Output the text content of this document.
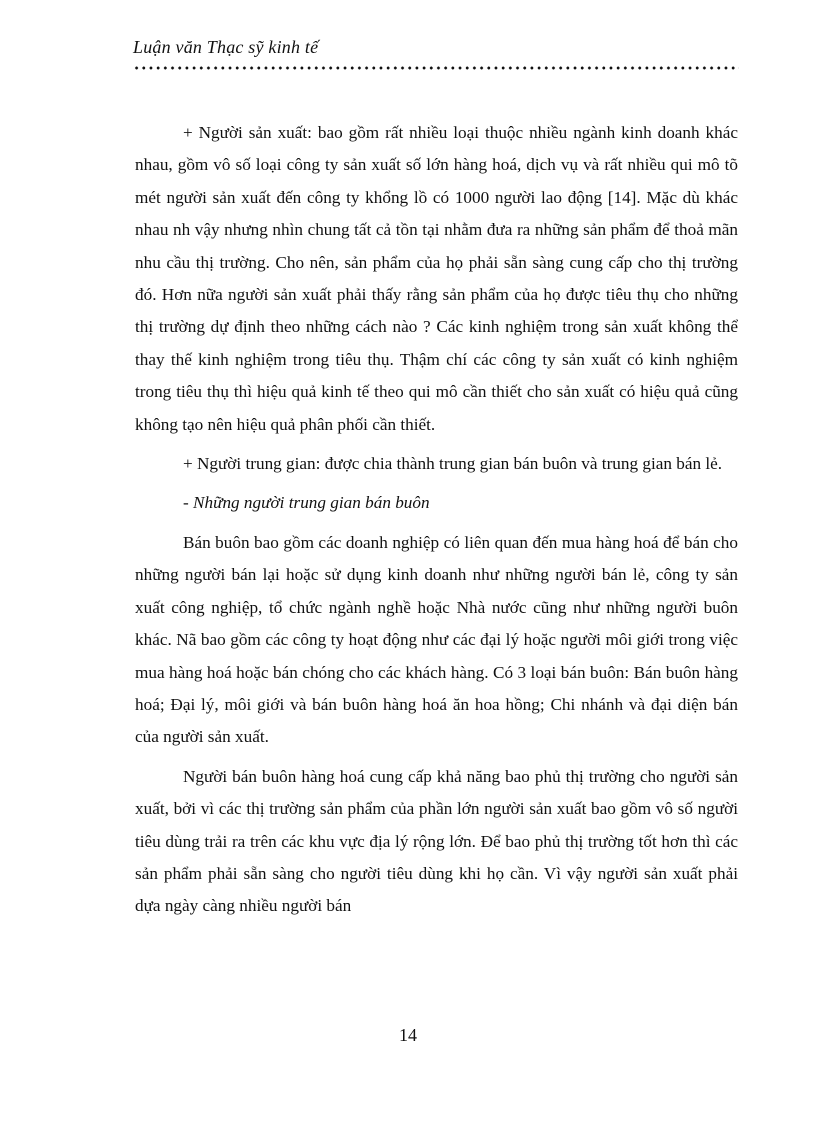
Luận văn Thạc sỹ kinh tế

+ Người sản xuất: bao gồm rất nhiều loại thuộc nhiều ngành kinh doanh khác nhau, gồm vô số loại công ty sản xuất số lớn hàng hoá, dịch vụ và rất nhiều qui mô tõ mét người sản xuất đến công ty khổng lồ có 1000 người lao động [14]. Mặc dù khác nhau nh vậy nhưng nhìn chung tất cả tồn tại nhằm đưa ra những sản phẩm để thoả mãn nhu cầu thị trường. Cho nên, sản phẩm của họ phải sẵn sàng cung cấp cho thị trường đó. Hơn nữa người sản xuất phải thấy rằng sản phẩm của họ được tiêu thụ cho những thị trường dự định theo những cách nào ? Các kinh nghiệm trong sản xuất không thể thay thế kinh nghiệm trong tiêu thụ. Thậm chí các công ty sản xuất có kinh nghiệm trong tiêu thụ thì hiệu quả kinh tế theo qui mô cần thiết cho sản xuất có hiệu quả cũng không tạo nên hiệu quả phân phối cần thiết.

+ Người trung gian: được chia thành trung gian bán buôn và trung gian bán lẻ.

- Những người trung gian bán buôn

Bán buôn bao gồm các doanh nghiệp có liên quan đến mua hàng hoá để bán cho những người bán lại hoặc sử dụng kinh doanh như những người bán lẻ, công ty sản xuất công nghiệp, tổ chức ngành nghề hoặc Nhà nước cũng như những người buôn khác. Nã bao gồm các công ty hoạt động như các đại lý hoặc người môi giới trong việc mua hàng hoá hoặc bán chóng cho các khách hàng. Có 3 loại bán buôn: Bán buôn hàng hoá; Đại lý, môi giới và bán buôn hàng hoá ăn hoa hồng; Chi nhánh và đại diện bán của người sản xuất.

Người bán buôn hàng hoá cung cấp khả năng bao phủ thị trường cho người sản xuất, bởi vì các thị trường sản phẩm của phần lớn người sản xuất bao gồm vô số người tiêu dùng trải ra trên các khu vực địa lý rộng lớn. Để bao phủ thị trường tốt hơn thì các sản phẩm phải sẵn sàng cho người tiêu dùng khi họ cần. Vì vậy người sản xuất phải dựa ngày càng nhiều người bán

14
